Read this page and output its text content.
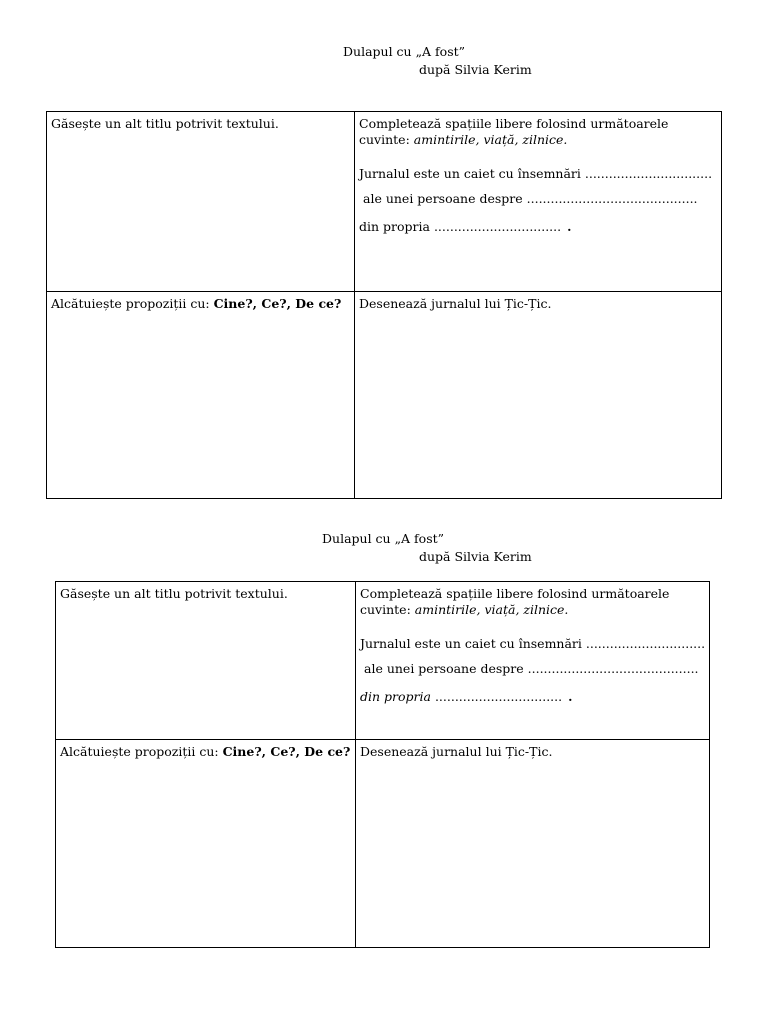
Dulapul cu „A fost”
după Silvia Kerim
Găsește un alt titlu potrivit textului.	Completează spațiile libere folosind următoarele cuvinte: amintirile, viață, zilnice.
Jurnalul este un caiet cu însemnări ................................
ale unei persoane despre ...........................................
din propria ................................ .

Alcătuiește propoziții cu: Cine?, Ce?, De ce?	Desenează jurnalul lui Țic-Țic.
Dulapul cu „A fost”
după Silvia Kerim
Găsește un alt titlu potrivit textului.	Completează spațiile libere folosind următoarele cuvinte: amintirile, viață, zilnice.
Jurnalul este un caiet cu însemnări ..............................
ale unei persoane despre ...........................................
din propria ................................ .

Alcătuiește propoziții cu: Cine?, Ce?, De ce?	Desenează jurnalul lui Țic-Țic.
